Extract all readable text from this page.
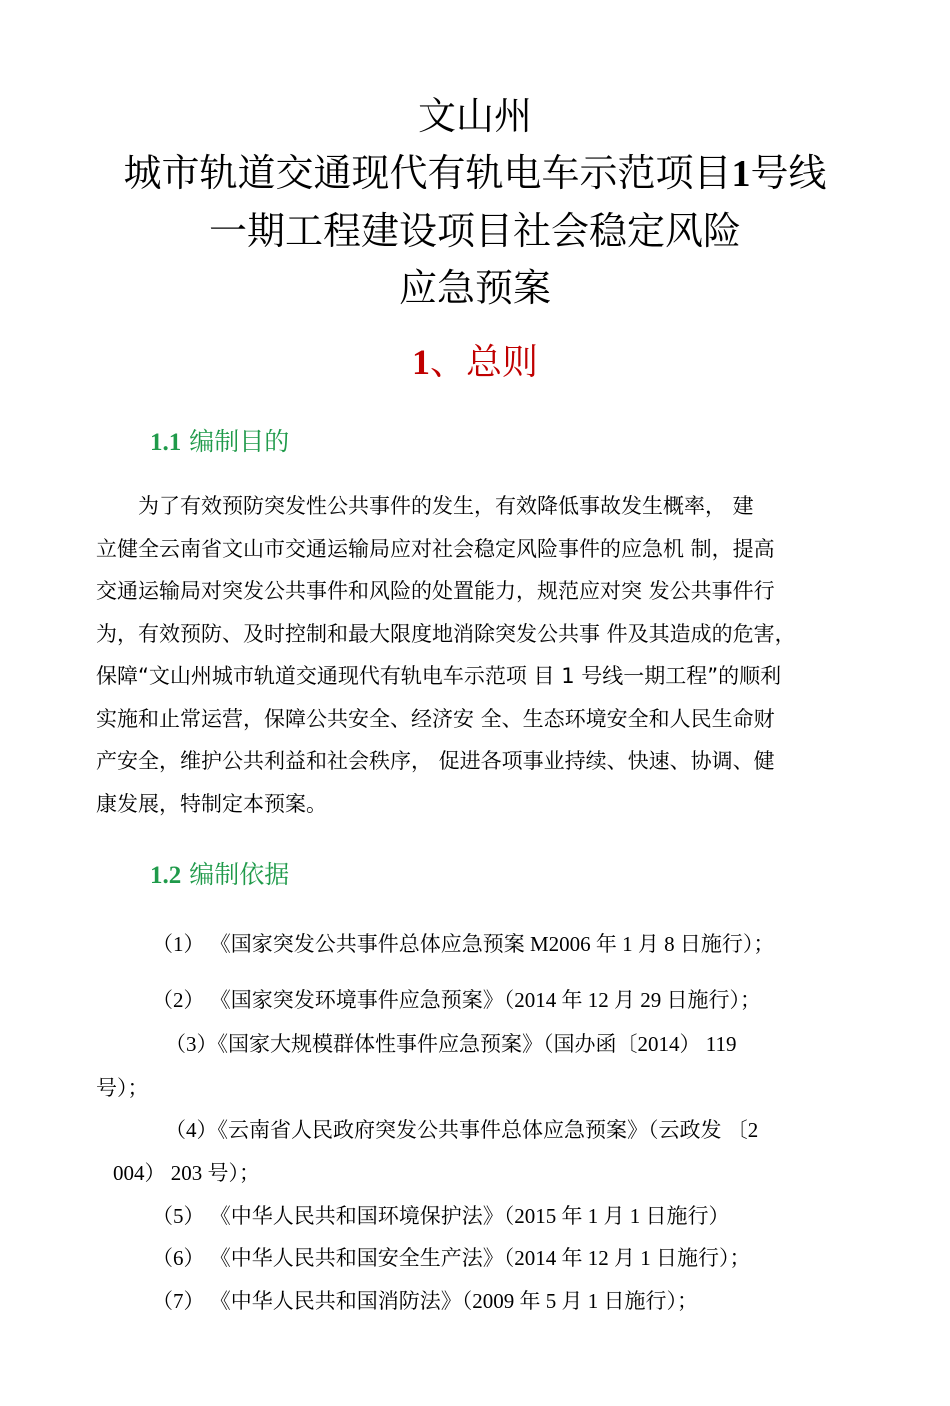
文山州
城市轨道交通现代有轨电车示范项目1号线
一期工程建设项目社会稳定风险
应急预案
1、总则
1.1 编制目的
　　为了有效预防突发性公共事件的发生，有效降低事故发生概率， 建
立健全云南省文山市交通运输局应对社会稳定风险事件的应急机 制，提高
交通运输局对突发公共事件和风险的处置能力，规范应对突 发公共事件行
为，有效预防、及时控制和最大限度地消除突发公共事 件及其造成的危害，
保障“文山州城市轨道交通现代有轨电车示范项 目 1 号线一期工程”的顺利
实施和止常运营，保障公共安全、经济安 全、生态环境安全和人民生命财
产安全，维护公共利益和社会秩序， 促进各项事业持续、快速、协调、健
康发展，特制定本预案。
1.2 编制依据
（1） 《国家突发公共事件总体应急预案 M2006 年 1 月 8 日施行）；
（2） 《国家突发环境事件应急预案》（2014 年 12 月 29 日施行）；
（3）《国家大规模群体性事件应急预案》（国办函〔2014） 119
号）；
（4）《云南省人民政府突发公共事件总体应急预案》（云政发 〔2
004） 203 号）；
（5） 《中华人民共和国环境保护法》（2015 年 1 月 1 日施行）
（6） 《中华人民共和国安全生产法》（2014 年 12 月 1 日施行）；
（7） 《中华人民共和国消防法》（2009 年 5 月 1 日施行）；
